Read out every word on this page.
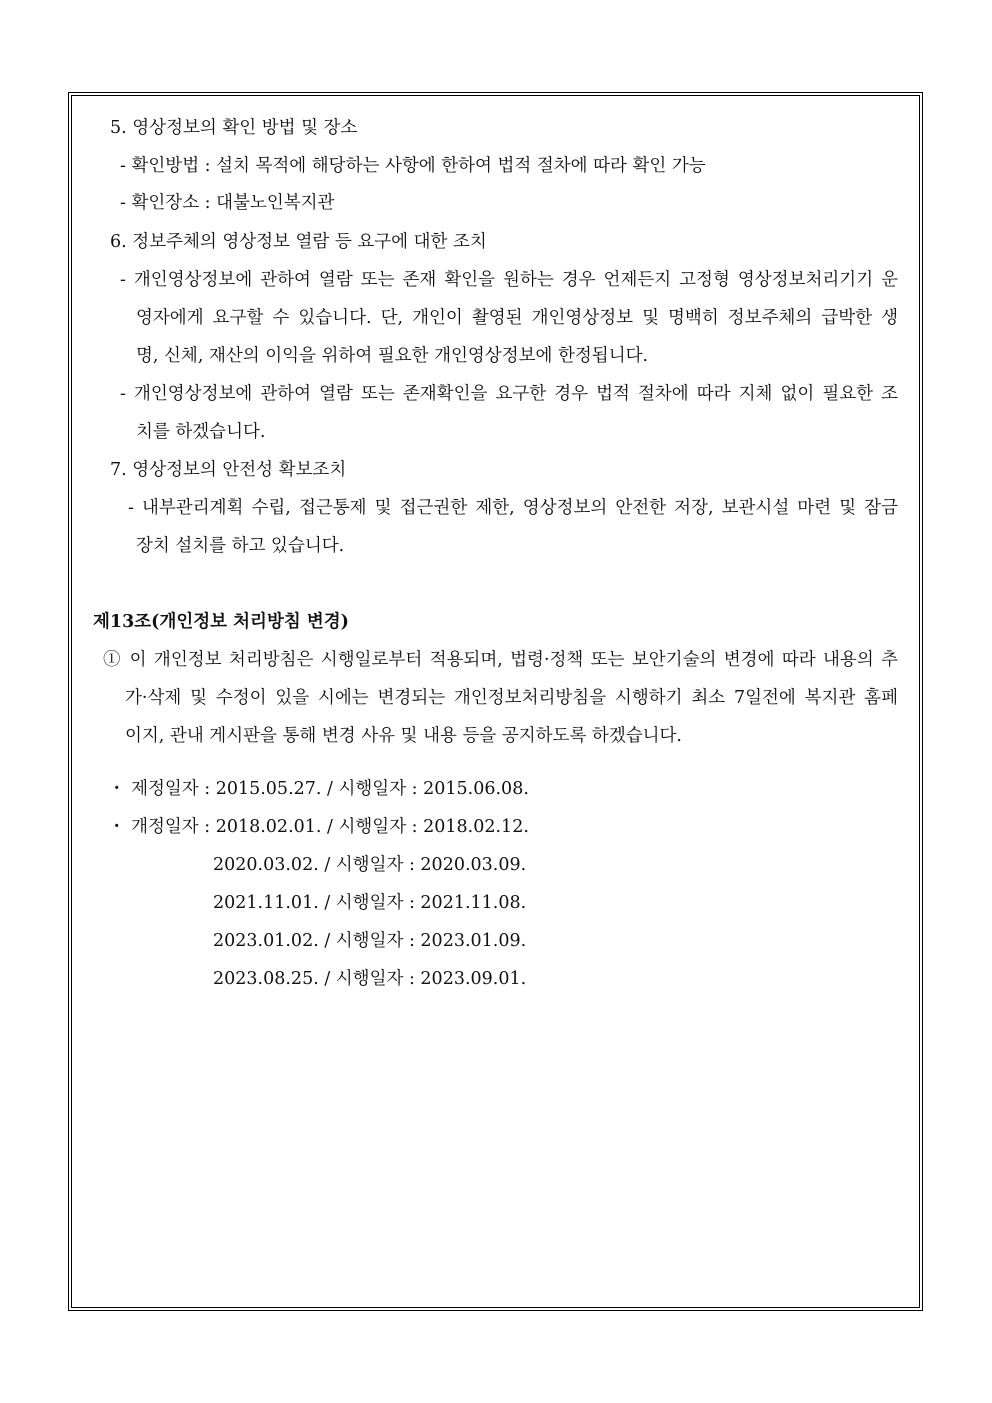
5. 영상정보의 확인 방법 및 장소
- 확인방법 : 설치 목적에 해당하는 사항에 한하여 법적 절차에 따라 확인 가능
- 확인장소 : 대불노인복지관
6. 정보주체의 영상정보 열람 등 요구에 대한 조치
- 개인영상정보에 관하여 열람 또는 존재 확인을 원하는 경우 언제든지 고정형 영상정보처리기기 운
영자에게 요구할 수 있습니다. 단, 개인이 촬영된 개인영상정보 및 명백히 정보주체의 급박한 생
명, 신체, 재산의 이익을 위하여 필요한 개인영상정보에 한정됩니다.
- 개인영상정보에 관하여 열람 또는 존재확인을 요구한 경우 법적 절차에 따라 지체 없이 필요한 조
치를 하겠습니다.
7. 영상정보의 안전성 확보조치
- 내부관리계획 수립, 접근통제 및 접근권한 제한, 영상정보의 안전한 저장, 보관시설 마련 및 잠금
장치 설치를 하고 있습니다.
제13조(개인정보 처리방침 변경)
① 이 개인정보 처리방침은 시행일로부터 적용되며, 법령·정책 또는 보안기술의 변경에 따라 내용의 추
가·삭제 및 수정이 있을 시에는 변경되는 개인정보처리방침을 시행하기 최소 7일전에 복지관 홈페
이지, 관내 게시판을 통해 변경 사유 및 내용 등을 공지하도록 하겠습니다.
・ 제정일자 : 2015.05.27. / 시행일자 : 2015.06.08.
・ 개정일자 : 2018.02.01. / 시행일자 : 2018.02.12.
2020.03.02. / 시행일자 : 2020.03.09.
2021.11.01. / 시행일자 : 2021.11.08.
2023.01.02. / 시행일자 : 2023.01.09.
2023.08.25. / 시행일자 : 2023.09.01.
